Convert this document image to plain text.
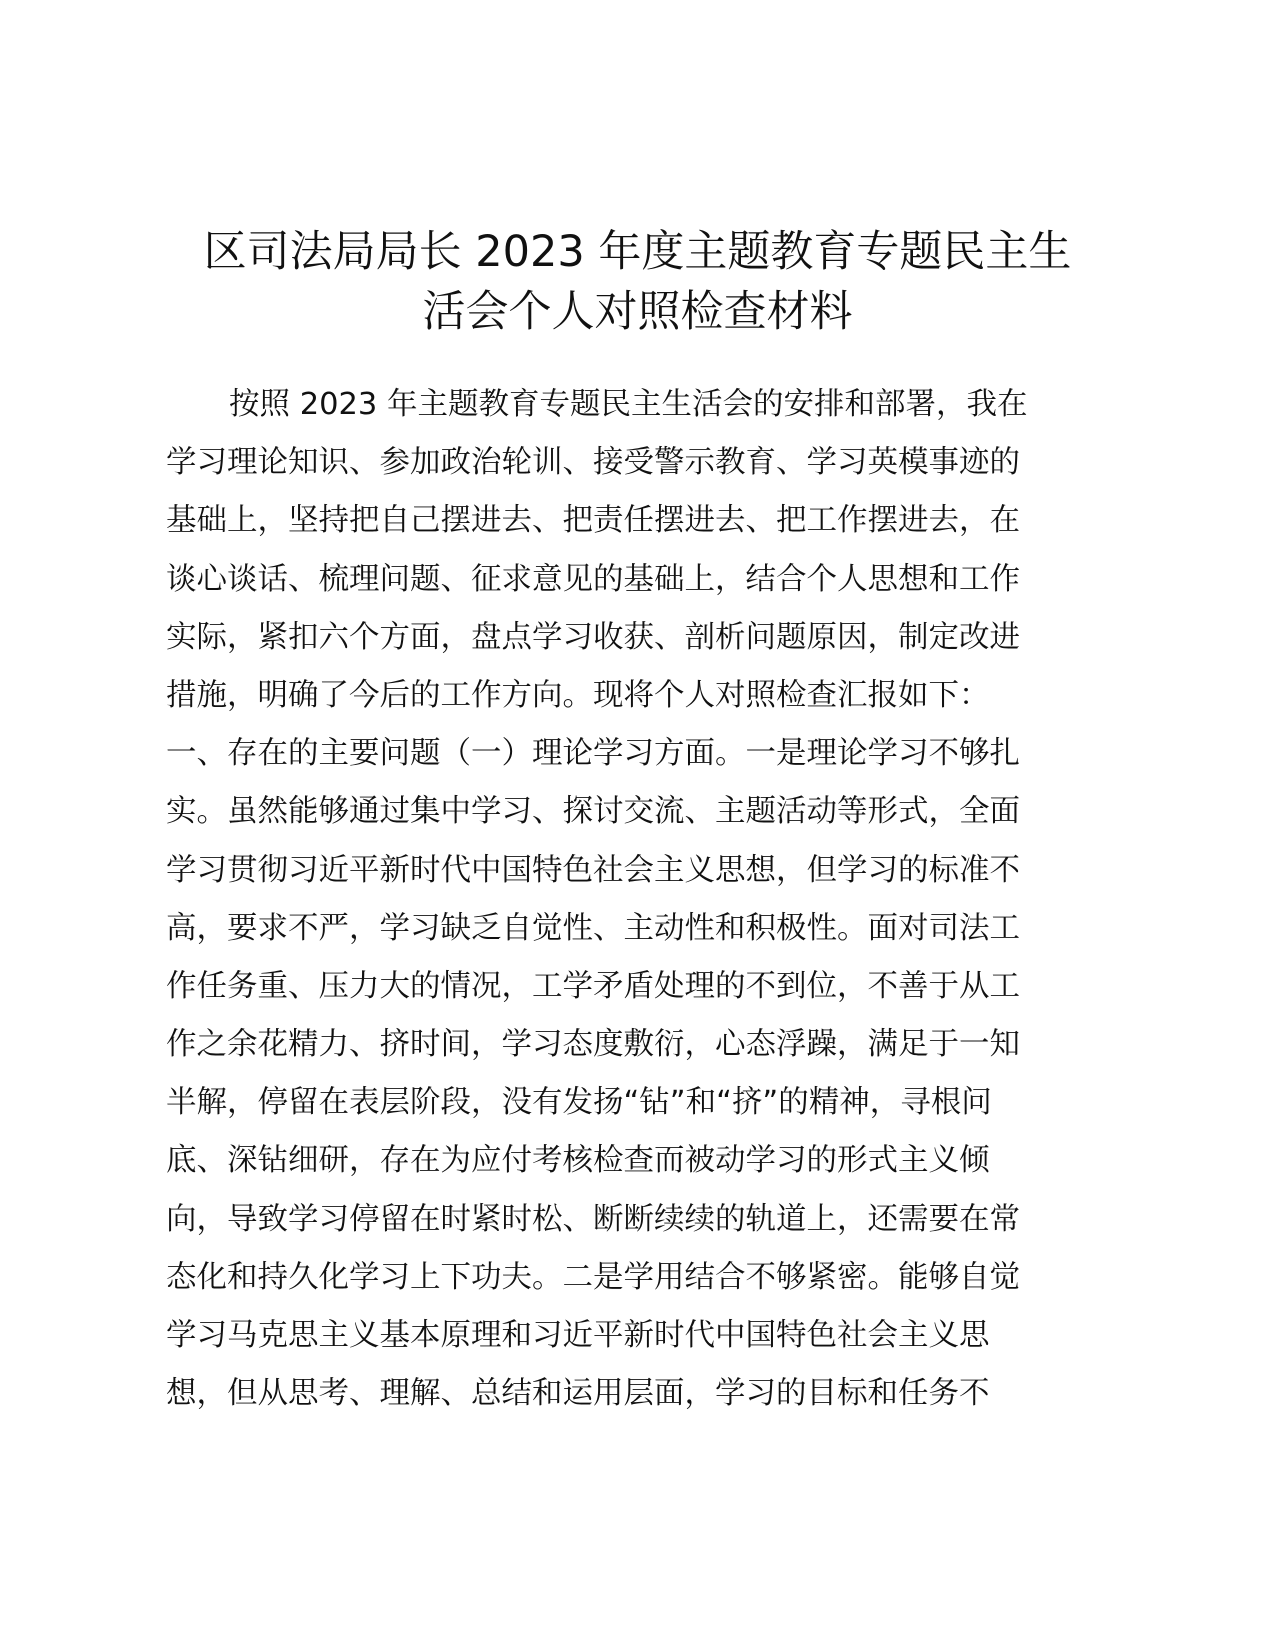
区司法局局长 2023 年度主题教育专题民主生
活会个人对照检查材料
按照 2023 年主题教育专题民主生活会的安排和部署，我在
学习理论知识、参加政治轮训、接受警示教育、学习英模事迹的
基础上，坚持把自己摆进去、把责任摆进去、把工作摆进去，在
谈心谈话、梳理问题、征求意见的基础上，结合个人思想和工作
实际，紧扣六个方面，盘点学习收获、剖析问题原因，制定改进
措施，明确了今后的工作方向。现将个人对照检查汇报如下：
一、存在的主要问题（一）理论学习方面。一是理论学习不够扎
实。虽然能够通过集中学习、探讨交流、主题活动等形式，全面
学习贯彻习近平新时代中国特色社会主义思想，但学习的标准不
高，要求不严，学习缺乏自觉性、主动性和积极性。面对司法工
作任务重、压力大的情况，工学矛盾处理的不到位，不善于从工
作之余花精力、挤时间，学习态度敷衍，心态浮躁，满足于一知
半解，停留在表层阶段，没有发扬“钻”和“挤”的精神，寻根问
底、深钻细研，存在为应付考核检查而被动学习的形式主义倾
向，导致学习停留在时紧时松、断断续续的轨道上，还需要在常
态化和持久化学习上下功夫。二是学用结合不够紧密。能够自觉
学习马克思主义基本原理和习近平新时代中国特色社会主义思
想，但从思考、理解、总结和运用层面，学习的目标和任务不
